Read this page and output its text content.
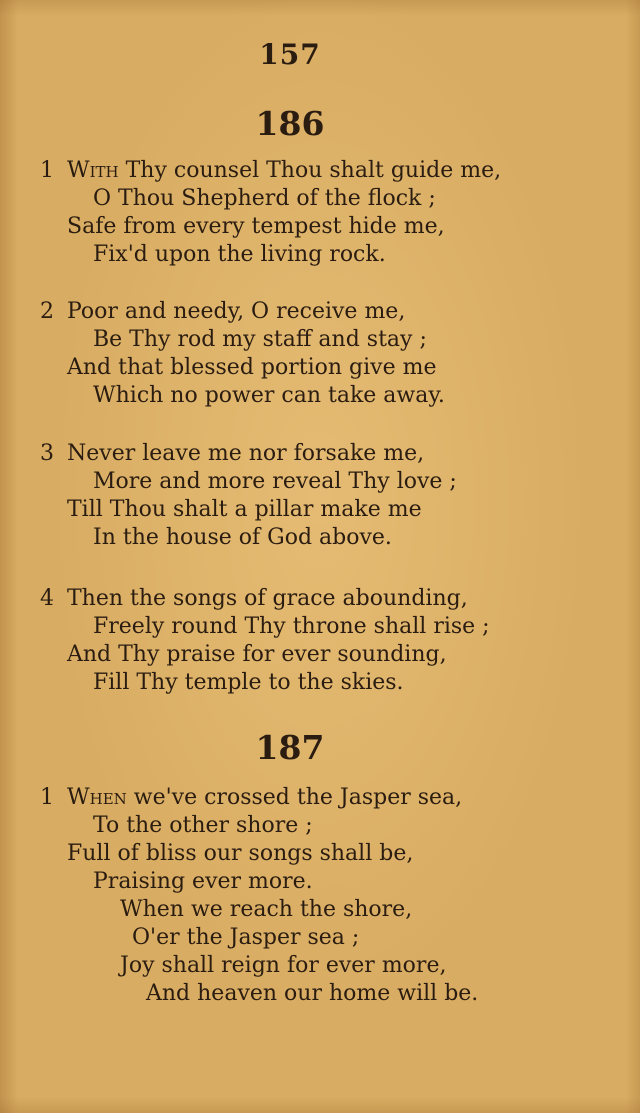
157
186
1 With Thy counsel Thou shalt guide me,
O Thou Shepherd of the flock ;
Safe from every tempest hide me,
Fix'd upon the living rock.
2 Poor and needy, O receive me,
Be Thy rod my staff and stay ;
And that blessed portion give me
Which no power can take away.
3 Never leave me nor forsake me,
More and more reveal Thy love ;
Till Thou shalt a pillar make me
In the house of God above.
4 Then the songs of grace abounding,
Freely round Thy throne shall rise ;
And Thy praise for ever sounding,
Fill Thy temple to the skies.
187
1 When we've crossed the Jasper sea,
To the other shore ;
Full of bliss our songs shall be,
Praising ever more.
When we reach the shore,
O'er the Jasper sea ;
Joy shall reign for ever more,
And heaven our home will be.
